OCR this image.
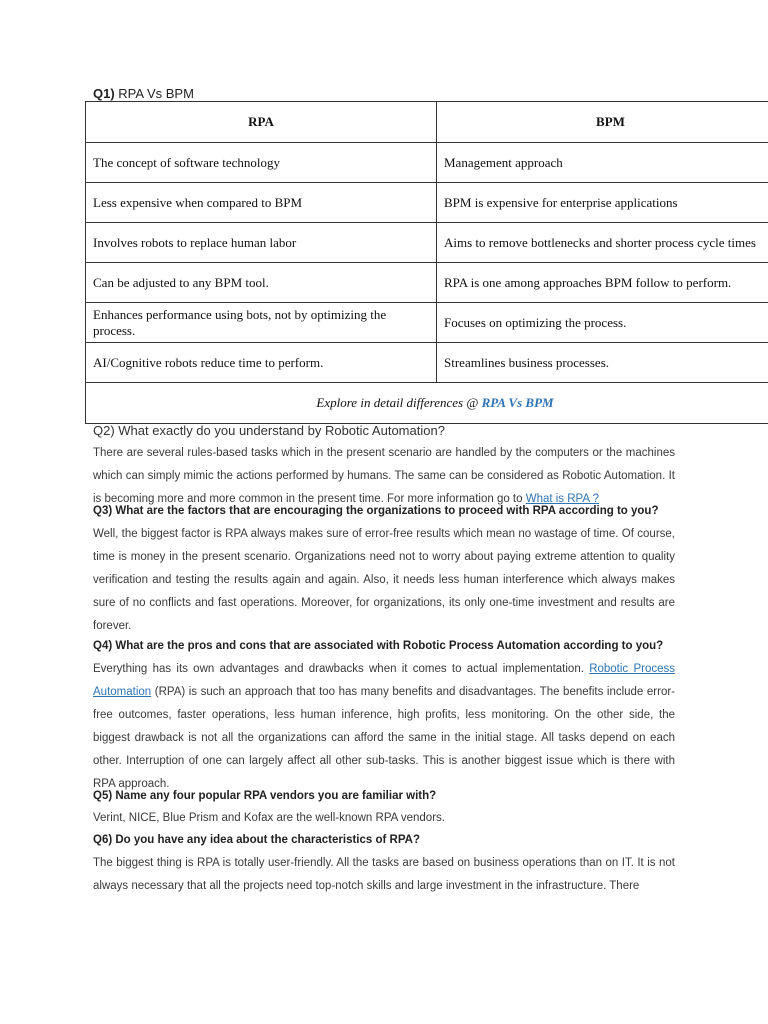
Q1) RPA Vs BPM
RPA	BPM
The concept of software technology	Management approach
Less expensive when compared to BPM	BPM is expensive for enterprise applications
Involves robots to replace human labor	Aims to remove bottlenecks and shorter process cycle times
Can be adjusted to any BPM tool.	RPA is one among approaches BPM follow to perform.
Enhances performance using bots, not by optimizing the process.	Focuses on optimizing the process.
AI/Cognitive robots reduce time to perform.	Streamlines business processes.
Explore in detail differences @ RPA Vs BPM	
Q2) What exactly do you understand by Robotic Automation?
There are several rules-based tasks which in the present scenario are handled by the computers or the machines which can simply mimic the actions performed by humans. The same can be considered as Robotic Automation. It is becoming more and more common in the present time. For more information go to What is RPA ?
Q3) What are the factors that are encouraging the organizations to proceed with RPA according to you?
Well, the biggest factor is RPA always makes sure of error-free results which mean no wastage of time. Of course, time is money in the present scenario. Organizations need not to worry about paying extreme attention to quality verification and testing the results again and again. Also, it needs less human interference which always makes sure of no conflicts and fast operations. Moreover, for organizations, its only one-time investment and results are forever.
Q4) What are the pros and cons that are associated with Robotic Process Automation according to you?
Everything has its own advantages and drawbacks when it comes to actual implementation. Robotic Process Automation (RPA) is such an approach that too has many benefits and disadvantages. The benefits include error-free outcomes, faster operations, less human inference, high profits, less monitoring. On the other side, the biggest drawback is not all the organizations can afford the same in the initial stage. All tasks depend on each other. Interruption of one can largely affect all other sub-tasks. This is another biggest issue which is there with RPA approach.
Q5) Name any four popular RPA vendors you are familiar with?
Verint, NICE, Blue Prism and Kofax are the well-known RPA vendors.
Q6) Do you have any idea about the characteristics of RPA?
The biggest thing is RPA is totally user-friendly. All the tasks are based on business operations than on IT. It is not always necessary that all the projects need top-notch skills and large investment in the infrastructure. There
